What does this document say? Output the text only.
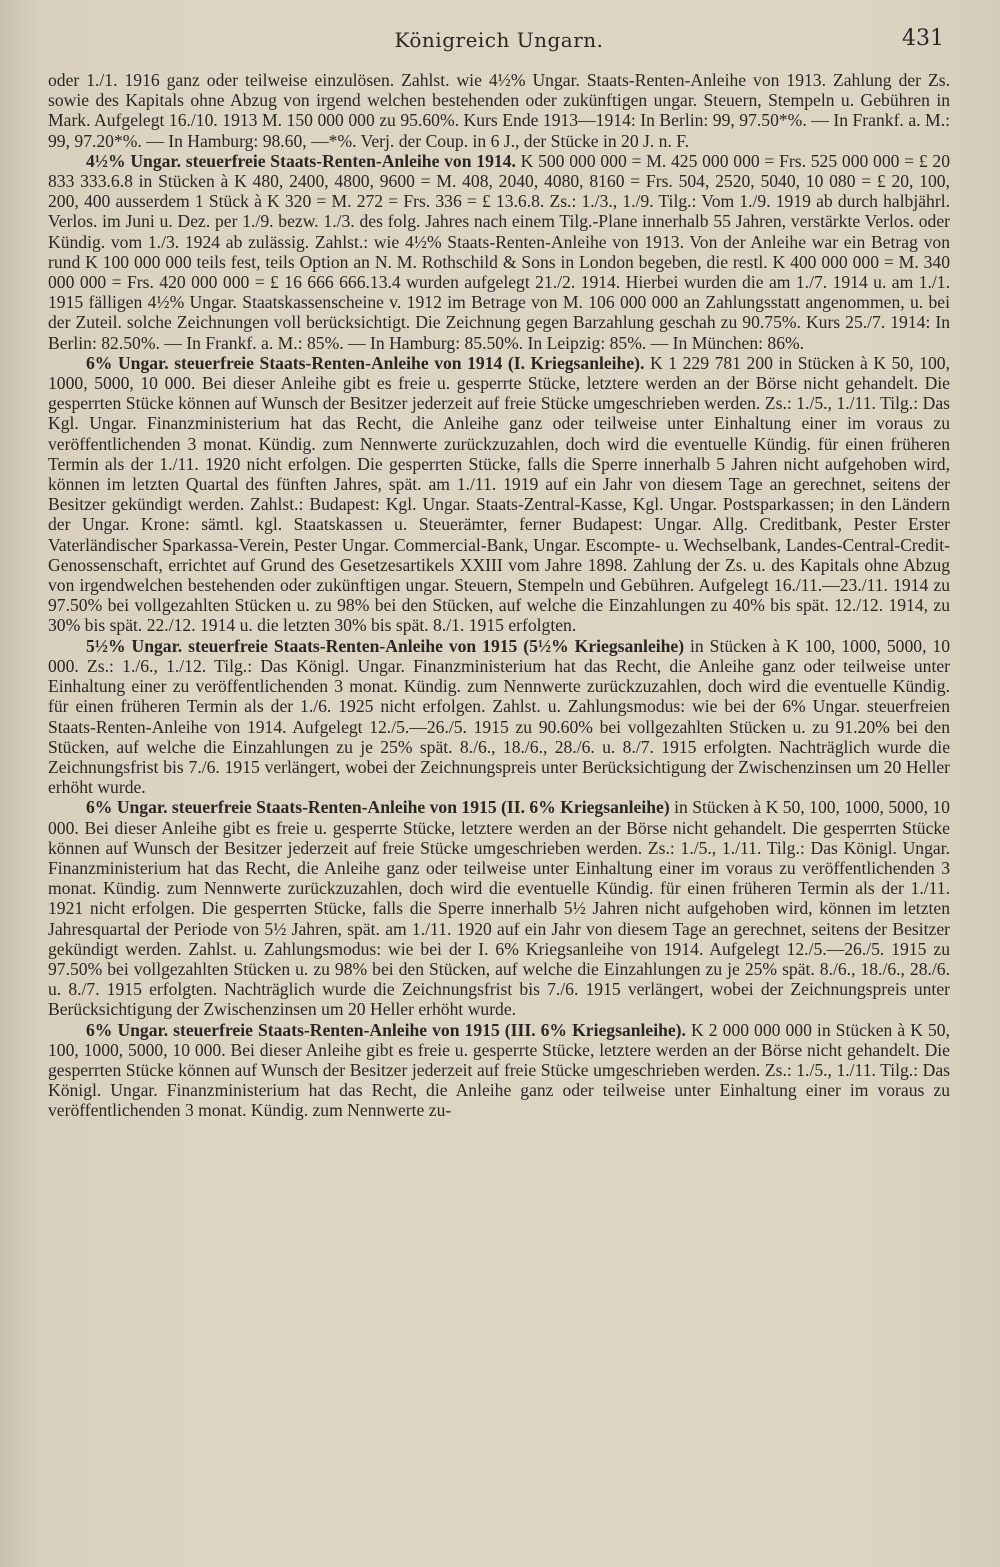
Königreich Ungarn.	431

oder 1./1. 1916 ganz oder teilweise einzulösen. Zahlst. wie 4½% Ungar. Staats-Renten-Anleihe von 1913. Zahlung der Zs. sowie des Kapitals ohne Abzug von irgend welchen bestehenden oder zukünftigen ungar. Steuern, Stempeln u. Gebühren in Mark. Aufgelegt 16./10. 1913 M. 150 000 000 zu 95.60%. Kurs Ende 1913—1914: In Berlin: 99, 97.50*%. — In Frankf. a. M.: 99, 97.20*%. — In Hamburg: 98.60, —*%. Verj. der Coup. in 6 J., der Stücke in 20 J. n. F.

4½% Ungar. steuerfreie Staats-Renten-Anleihe von 1914. K 500 000 000 = M. 425 000 000 = Frs. 525 000 000 = £ 20 833 333.6.8 in Stücken à K 480, 2400, 4800, 9600 = M. 408, 2040, 4080, 8160 = Frs. 504, 2520, 5040, 10 080 = £ 20, 100, 200, 400 ausserdem 1 Stück à K 320 = M. 272 = Frs. 336 = £ 13.6.8. Zs.: 1./3., 1./9. Tilg.: Vom 1./9. 1919 ab durch halbjährl. Verlos. im Juni u. Dez. per 1./9. bezw. 1./3. des folg. Jahres nach einem Tilg.-Plane innerhalb 55 Jahren, verstärkte Verlos. oder Kündig. vom 1./3. 1924 ab zulässig. Zahlst.: wie 4½% Staats-Renten-Anleihe von 1913. Von der Anleihe war ein Betrag von rund K 100 000 000 teils fest, teils Option an N. M. Rothschild & Sons in London begeben, die restl. K 400 000 000 = M. 340 000 000 = Frs. 420 000 000 = £ 16 666 666.13.4 wurden aufgelegt 21./2. 1914. Hierbei wurden die am 1./7. 1914 u. am 1./1. 1915 fälligen 4½% Ungar. Staatskassenscheine v. 1912 im Betrage von M. 106 000 000 an Zahlungsstatt angenommen, u. bei der Zuteil. solche Zeichnungen voll berücksichtigt. Die Zeichnung gegen Barzahlung geschah zu 90.75%. Kurs 25./7. 1914: In Berlin: 82.50%. — In Frankf. a. M.: 85%. — In Hamburg: 85.50%. In Leipzig: 85%. — In München: 86%.

6% Ungar. steuerfreie Staats-Renten-Anleihe von 1914 (I. Kriegsanleihe). K 1 229 781 200 in Stücken à K 50, 100, 1000, 5000, 10 000. Bei dieser Anleihe gibt es freie u. gesperrte Stücke, letztere werden an der Börse nicht gehandelt. Die gesperrten Stücke können auf Wunsch der Besitzer jederzeit auf freie Stücke umgeschrieben werden. Zs.: 1./5., 1./11. Tilg.: Das Kgl. Ungar. Finanzministerium hat das Recht, die Anleihe ganz oder teilweise unter Einhaltung einer im voraus zu veröffentlichenden 3 monat. Kündig. zum Nennwerte zurückzuzahlen, doch wird die eventuelle Kündig. für einen früheren Termin als der 1./11. 1920 nicht erfolgen. Die gesperrten Stücke, falls die Sperre innerhalb 5 Jahren nicht aufgehoben wird, können im letzten Quartal des fünften Jahres, spät. am 1./11. 1919 auf ein Jahr von diesem Tage an gerechnet, seitens der Besitzer gekündigt werden. Zahlst.: Budapest: Kgl. Ungar. Staats-Zentral-Kasse, Kgl. Ungar. Postsparkassen; in den Ländern der Ungar. Krone: sämtl. kgl. Staatskassen u. Steuerämter, ferner Budapest: Ungar. Allg. Creditbank, Pester Erster Vaterländischer Sparkassa-Verein, Pester Ungar. Commercial-Bank, Ungar. Escompte- u. Wechselbank, Landes-Central-Credit-Genossenschaft, errichtet auf Grund des Gesetzesartikels XXIII vom Jahre 1898. Zahlung der Zs. u. des Kapitals ohne Abzug von irgendwelchen bestehenden oder zukünftigen ungar. Steuern, Stempeln und Gebühren. Aufgelegt 16./11.—23./11. 1914 zu 97.50% bei vollgezahlten Stücken u. zu 98% bei den Stücken, auf welche die Einzahlungen zu 40% bis spät. 12./12. 1914, zu 30% bis spät. 22./12. 1914 u. die letzten 30% bis spät. 8./1. 1915 erfolgten.

5½% Ungar. steuerfreie Staats-Renten-Anleihe von 1915 (5½% Kriegsanleihe) in Stücken à K 100, 1000, 5000, 10 000. Zs.: 1./6., 1./12. Tilg.: Das Königl. Ungar. Finanzministerium hat das Recht, die Anleihe ganz oder teilweise unter Einhaltung einer zu veröffentlichenden 3 monat. Kündig. zum Nennwerte zurückzuzahlen, doch wird die eventuelle Kündig. für einen früheren Termin als der 1./6. 1925 nicht erfolgen. Zahlst. u. Zahlungsmodus: wie bei der 6% Ungar. steuerfreien Staats-Renten-Anleihe von 1914. Aufgelegt 12./5.—26./5. 1915 zu 90.60% bei vollgezahlten Stücken u. zu 91.20% bei den Stücken, auf welche die Einzahlungen zu je 25% spät. 8./6., 18./6., 28./6. u. 8./7. 1915 erfolgten. Nachträglich wurde die Zeichnungsfrist bis 7./6. 1915 verlängert, wobei der Zeichnungspreis unter Berücksichtigung der Zwischenzinsen um 20 Heller erhöht wurde.

6% Ungar. steuerfreie Staats-Renten-Anleihe von 1915 (II. 6% Kriegsanleihe) in Stücken à K 50, 100, 1000, 5000, 10 000. Bei dieser Anleihe gibt es freie u. gesperrte Stücke, letztere werden an der Börse nicht gehandelt. Die gesperrten Stücke können auf Wunsch der Besitzer jederzeit auf freie Stücke umgeschrieben werden. Zs.: 1./5., 1./11. Tilg.: Das Königl. Ungar. Finanzministerium hat das Recht, die Anleihe ganz oder teilweise unter Einhaltung einer im voraus zu veröffentlichenden 3 monat. Kündig. zum Nennwerte zurückzuzahlen, doch wird die eventuelle Kündig. für einen früheren Termin als der 1./11. 1921 nicht erfolgen. Die gesperrten Stücke, falls die Sperre innerhalb 5½ Jahren nicht aufgehoben wird, können im letzten Jahresquartal der Periode von 5½ Jahren, spät. am 1./11. 1920 auf ein Jahr von diesem Tage an gerechnet, seitens der Besitzer gekündigt werden. Zahlst. u. Zahlungsmodus: wie bei der I. 6% Kriegsanleihe von 1914. Aufgelegt 12./5.—26./5. 1915 zu 97.50% bei vollgezahlten Stücken u. zu 98% bei den Stücken, auf welche die Einzahlungen zu je 25% spät. 8./6., 18./6., 28./6. u. 8./7. 1915 erfolgten. Nachträglich wurde die Zeichnungsfrist bis 7./6. 1915 verlängert, wobei der Zeichnungspreis unter Berücksichtigung der Zwischenzinsen um 20 Heller erhöht wurde.

6% Ungar. steuerfreie Staats-Renten-Anleihe von 1915 (III. 6% Kriegsanleihe). K 2 000 000 000 in Stücken à K 50, 100, 1000, 5000, 10 000. Bei dieser Anleihe gibt es freie u. gesperrte Stücke, letztere werden an der Börse nicht gehandelt. Die gesperrten Stücke können auf Wunsch der Besitzer jederzeit auf freie Stücke umgeschrieben werden. Zs.: 1./5., 1./11. Tilg.: Das Königl. Ungar. Finanzministerium hat das Recht, die Anleihe ganz oder teilweise unter Einhaltung einer im voraus zu veröffentlichenden 3 monat. Kündig. zum Nennwerte zu-
